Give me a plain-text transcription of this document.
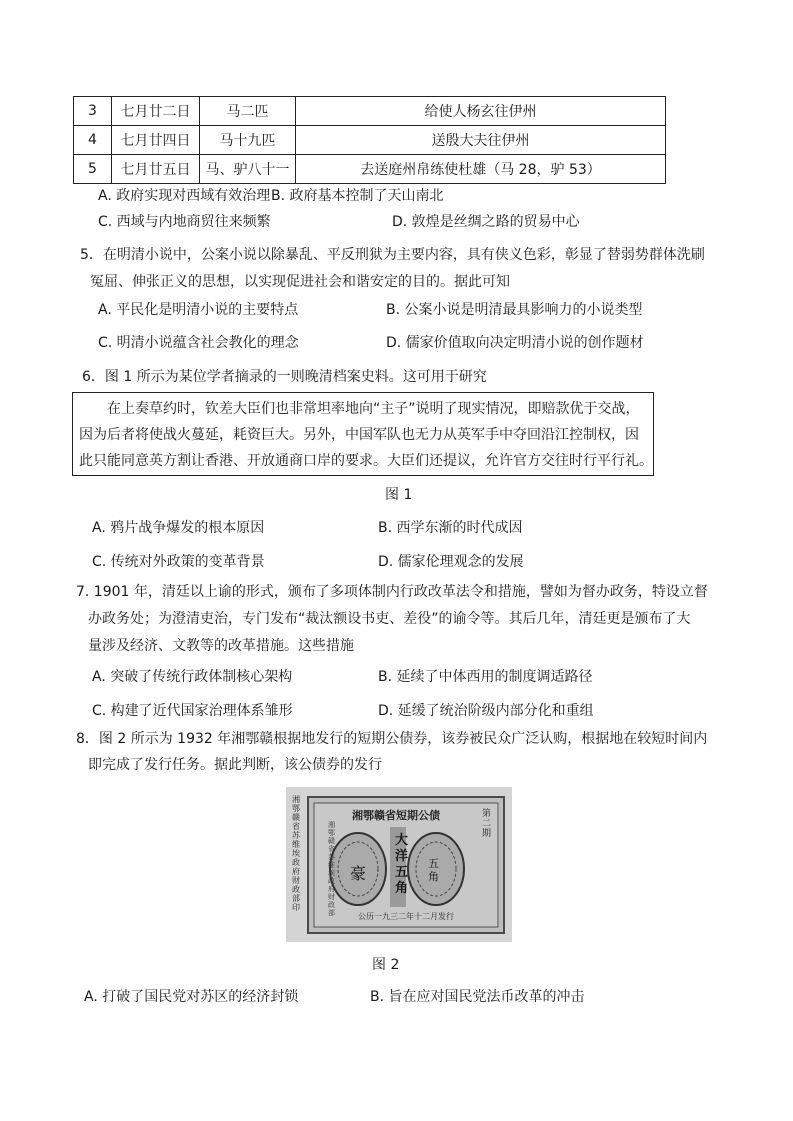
3	七月廿二日	马二匹	给使人杨玄往伊州
4	七月廿四日	马十九匹	送殷大夫往伊州
5	七月廿五日	马、驴八十一	去送庭州帛练使杜雄（马 28，驴 53）
A. 政府实现对西域有效治理 B. 政府基本控制了天山南北
C. 西域与内地商贸往来频繁	D. 敦煌是丝绸之路的贸易中心
5．在明清小说中，公案小说以除暴乱、平反刑狱为主要内容，具有侠义色彩，彰显了替弱势群体洗刷
冤屈、伸张正义的思想，以实现促进社会和谐安定的目的。据此可知
A. 平民化是明清小说的主要特点	B. 公案小说是明清最具影响力的小说类型
C. 明清小说蕴含社会教化的理念	D. 儒家价值取向决定明清小说的创作题材
6．图 1 所示为某位学者摘录的一则晚清档案史料。这可用于研究
在上奏草约时，钦差大臣们也非常坦率地向“主子”说明了现实情况，即赔款优于交战，
因为后者将使战火蔓延，耗资巨大。另外，中国军队也无力从英军手中夺回沿江控制权，因
此只能同意英方割让香港、开放通商口岸的要求。大臣们还提议，允许官方交往时行平行礼。
图 1
A. 鸦片战争爆发的根本原因	B. 西学东渐的时代成因
C. 传统对外政策的变革背景	D. 儒家伦理观念的发展
7. 1901 年，清廷以上谕的形式，颁布了多项体制内行政改革法令和措施，譬如为督办政务，特设立督
办政务处；为澄清吏治，专门发布“裁汰额设书吏、差役”的谕令等。其后几年，清廷更是颁布了大
量涉及经济、文教等的改革措施。这些措施
A. 突破了传统行政体制核心架构	B. 延续了中体西用的制度调适路径
C. 构建了近代国家治理体系雏形	D. 延缓了统治阶级内部分化和重组
8．图 2 所示为 1932 年湘鄂赣根据地发行的短期公债券，该券被民众广泛认购，根据地在较短时间内
即完成了发行任务。据此判断，该公债券的发行
湘鄂赣省苏维埃政府财政部印
湘鄂赣省短期公债
湘鄂赣省苏维埃政府财政部
豪
五角
大洋五角
第二期
公历一九三二年十二月发行
图 2
A. 打破了国民党对苏区的经济封锁	B. 旨在应对国民党法币改革的冲击
